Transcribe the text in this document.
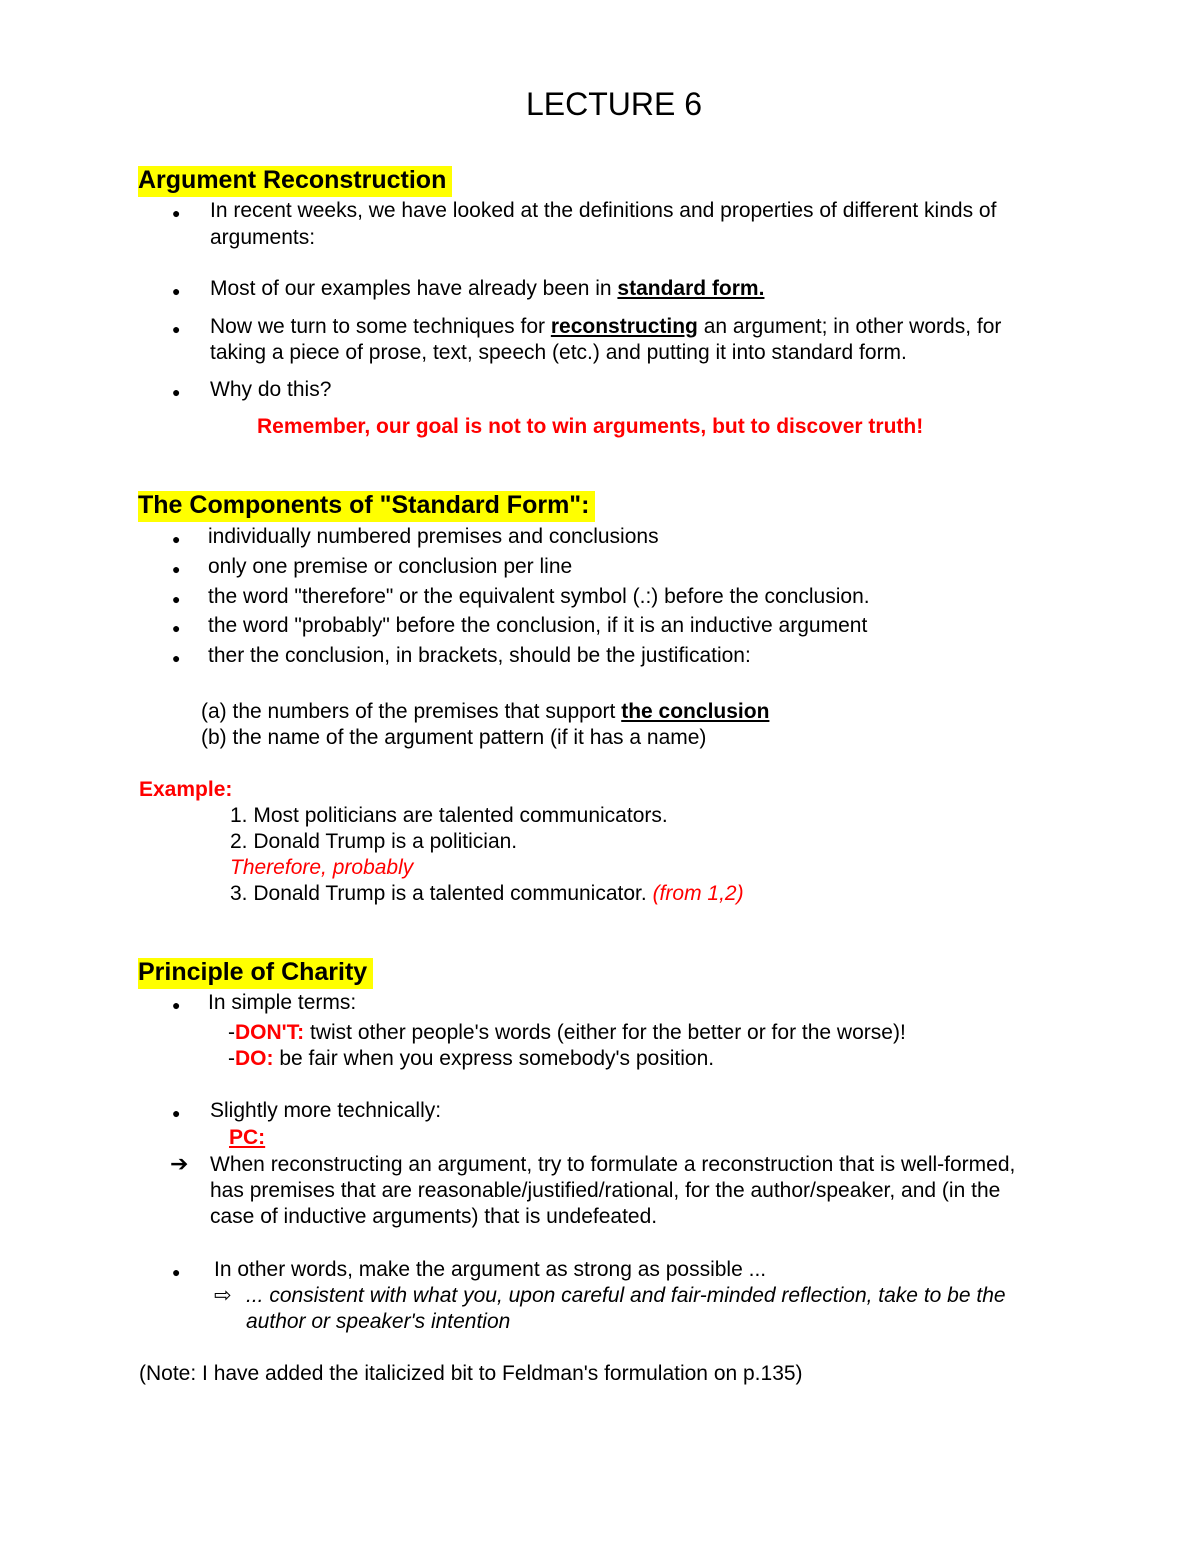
LECTURE 6
Argument Reconstruction
● In recent weeks, we have looked at the definitions and properties of different kinds of
arguments:
● Most of our examples have already been in standard form.
● Now we turn to some techniques for reconstructing an argument; in other words, for
taking a piece of prose, text, speech (etc.) and putting it into standard form.
● Why do this?
Remember, our goal is not to win arguments, but to discover truth!
The Components of "Standard Form":
● individually numbered premises and conclusions
● only one premise or conclusion per line
● the word "therefore" or the equivalent symbol (.:) before the conclusion.
● the word "probably" before the conclusion, if it is an inductive argument
● ther the conclusion, in brackets, should be the justification:
(a) the numbers of the premises that support the conclusion
(b) the name of the argument pattern (if it has a name)
Example:
1. Most politicians are talented communicators.
2. Donald Trump is a politician.
Therefore, probably
3. Donald Trump is a talented communicator. (from 1,2)
Principle of Charity
● In simple terms:
-DON'T: twist other people's words (either for the better or for the worse)!
-DO: be fair when you express somebody's position.
● Slightly more technically:
PC:
➔ When reconstructing an argument, try to formulate a reconstruction that is well-formed,
has premises that are reasonable/justified/rational, for the author/speaker, and (in the
case of inductive arguments) that is undefeated.
● In other words, make the argument as strong as possible ...
⇨ ... consistent with what you, upon careful and fair-minded reflection, take to be the
author or speaker's intention
(Note: I have added the italicized bit to Feldman's formulation on p.135)
